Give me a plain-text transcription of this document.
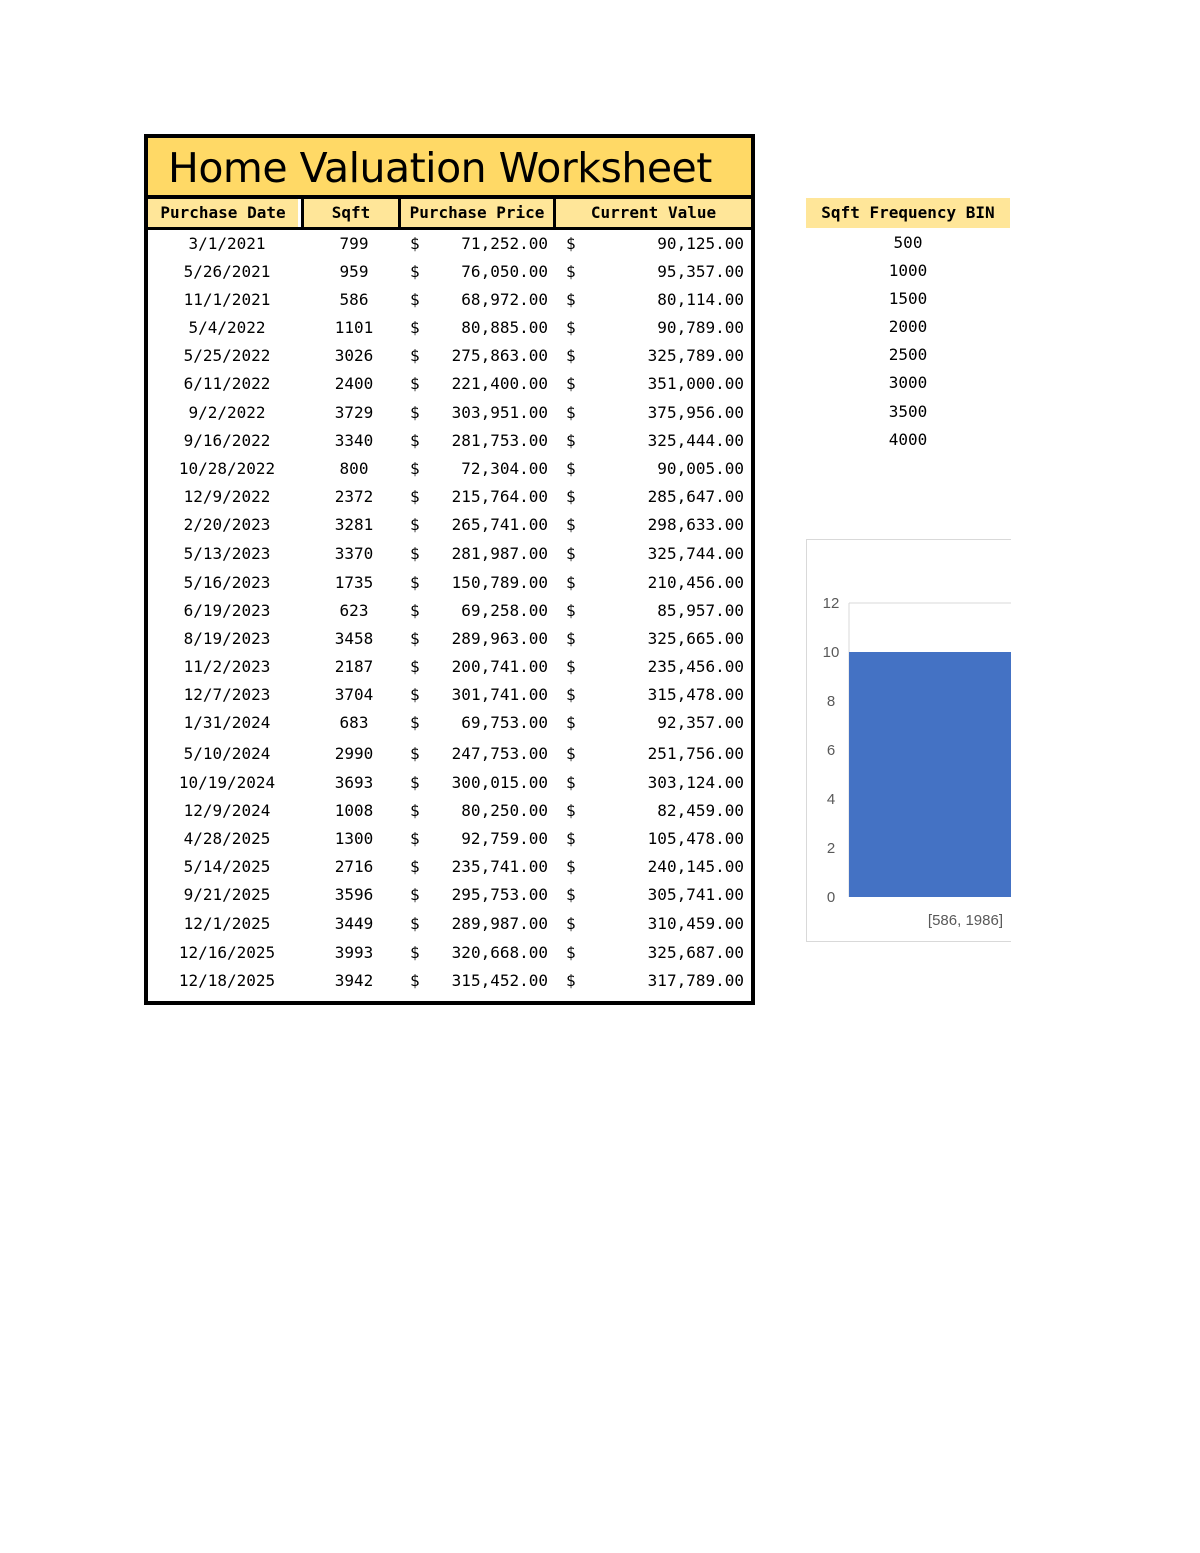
Home Valuation Worksheet
Purchase Date	Sqft	Purchase Price	Current Value
3/1/2021	799	$	71,252.00 $	90,125.00
5/26/2021	959	$	76,050.00 $	95,357.00
11/1/2021	586	$	68,972.00 $	80,114.00
5/4/2022	1101	$	80,885.00 $	90,789.00
5/25/2022	3026	$	275,863.00 $	325,789.00
6/11/2022	2400	$	221,400.00 $	351,000.00
9/2/2022	3729	$	303,951.00 $	375,956.00
9/16/2022	3340	$	281,753.00 $	325,444.00
10/28/2022	800	$	72,304.00 $	90,005.00
12/9/2022	2372	$	215,764.00 $	285,647.00
2/20/2023	3281	$	265,741.00 $	298,633.00
5/13/2023	3370	$	281,987.00 $	325,744.00
5/16/2023	1735	$	150,789.00 $	210,456.00
6/19/2023	623	$	69,258.00 $	85,957.00
8/19/2023	3458	$	289,963.00 $	325,665.00
11/2/2023	2187	$	200,741.00 $	235,456.00
12/7/2023	3704	$	301,741.00 $	315,478.00
1/31/2024	683	$	69,753.00 $	92,357.00
5/10/2024	2990	$	247,753.00 $	251,756.00
10/19/2024	3693	$	300,015.00 $	303,124.00
12/9/2024	1008	$	80,250.00 $	82,459.00
4/28/2025	1300	$	92,759.00 $	105,478.00
5/14/2025	2716	$	235,741.00 $	240,145.00
9/21/2025	3596	$	295,753.00 $	305,741.00
12/1/2025	3449	$	289,987.00 $	310,459.00
12/16/2025	3993	$	320,668.00 $	325,687.00
12/18/2025	3942	$	315,452.00 $	317,789.00
Sqft Frequency BIN
500
1000
1500
2000
2500
3000
3500
4000
0
2
4
6
8
10
12
[586, 1986]
